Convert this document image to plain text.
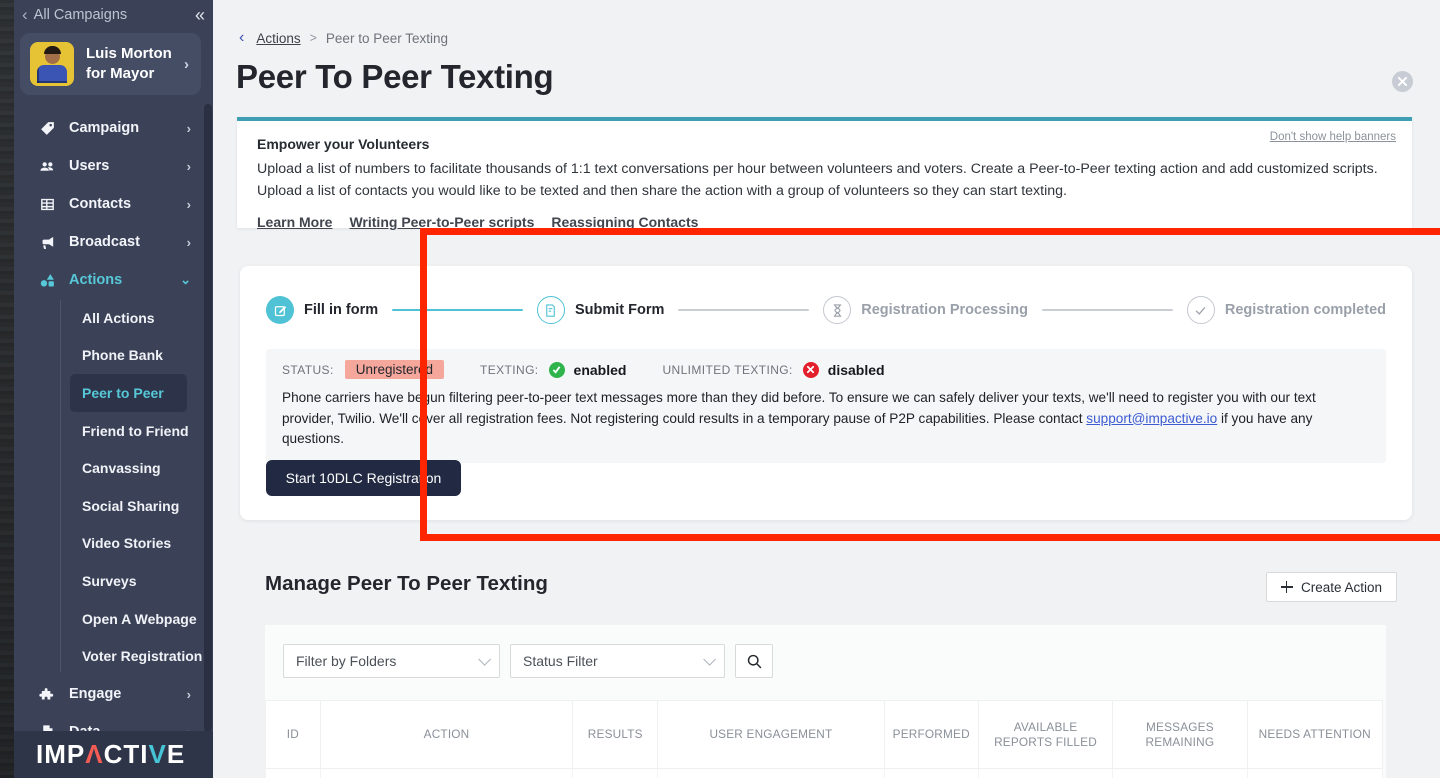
‹ All Campaigns	«
Luis Morton
for Mayor
›
Campaign	›
Users	›
Contacts	›
Broadcast	›
Actions	⌄
All Actions
Phone Bank
Peer to Peer
Friend to Friend
Canvassing
Social Sharing
Video Stories
Surveys
Open A Webpage
Voter Registration
Engage	›
IMPΛCTIVE
‹ Actions > Peer to Peer Texting
Peer To Peer Texting
Don't show help banners
Empower your Volunteers
Upload a list of numbers to facilitate thousands of 1:1 text conversations per hour between volunteers and voters. Create a Peer-to-Peer texting action and add customized scripts. Upload a list of contacts you would like to be texted and then share the action with a group of volunteers so they can start texting.
Learn More Writing Peer-to-Peer scripts Reassigning Contacts
Fill in form	Submit Form	Registration Processing	Registration completed
STATUS:	Unregistered	TEXTING:	enabled	UNLIMITED TEXTING:	disabled
Phone carriers have begun filtering peer-to-peer text messages more than they did before. To ensure we can safely deliver your texts, we'll need to register you with our text provider, Twilio. We'll cover all registration fees. Not registering could results in a temporary pause of P2P capabilities. Please contact support@impactive.io if you have any questions.
Start 10DLC Registration
Manage Peer To Peer Texting	Create Action
Filter by Folders	Status Filter
ID	ACTION	RESULTS	USER ENGAGEMENT	PERFORMED	AVAILABLE REPORTS FILLED	MESSAGES REMAINING	NEEDS ATTENTION
